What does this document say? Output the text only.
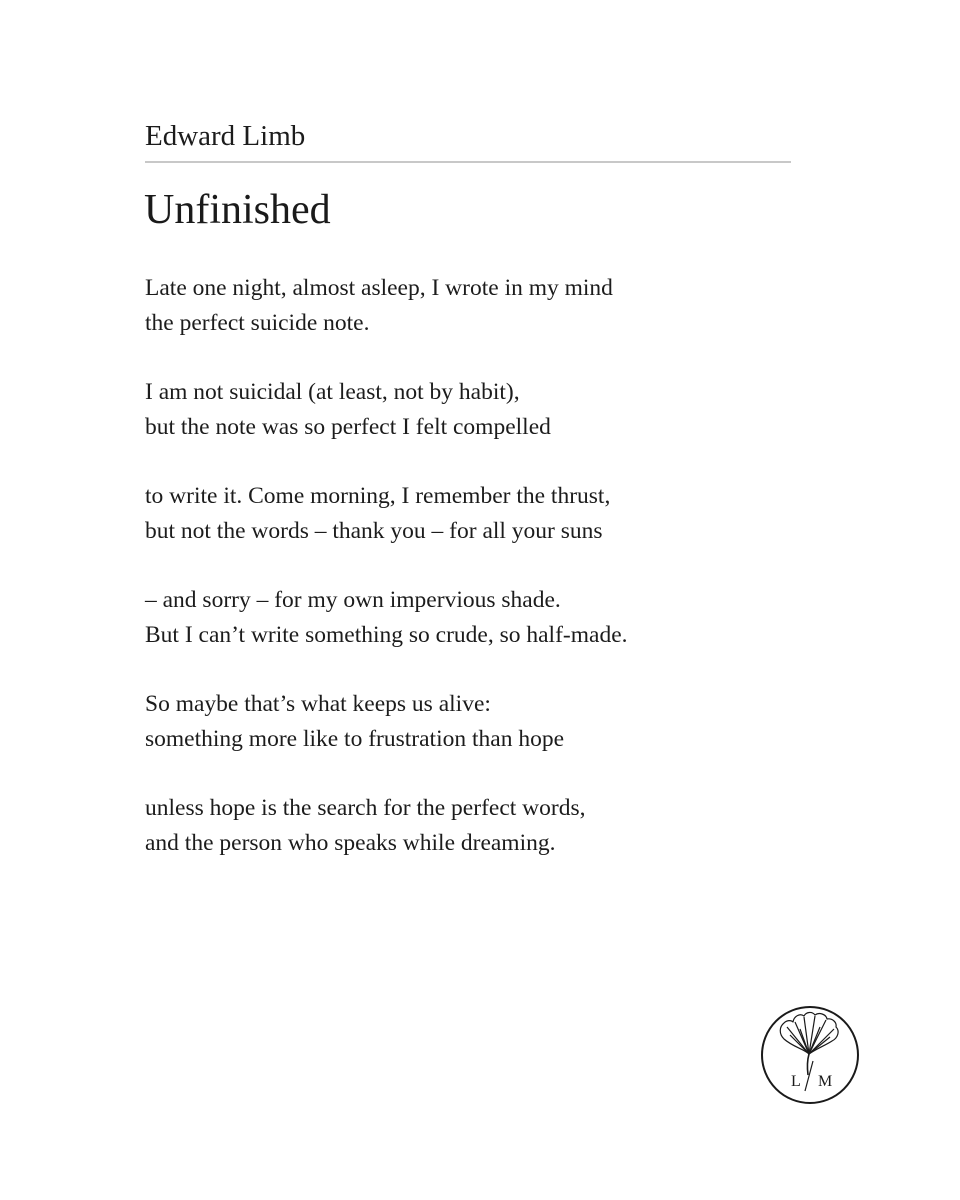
Edward Limb
Unfinished
Late one night, almost asleep, I wrote in my mind
the perfect suicide note.
I am not suicidal (at least, not by habit),
but the note was so perfect I felt compelled
to write it. Come morning, I remember the thrust,
but not the words – thank you – for all your suns
– and sorry – for my own impervious shade.
But I can’t write something so crude, so half-made.
So maybe that’s what keeps us alive:
something more like to frustration than hope
unless hope is the search for the perfect words,
and the person who speaks while dreaming.
L M
